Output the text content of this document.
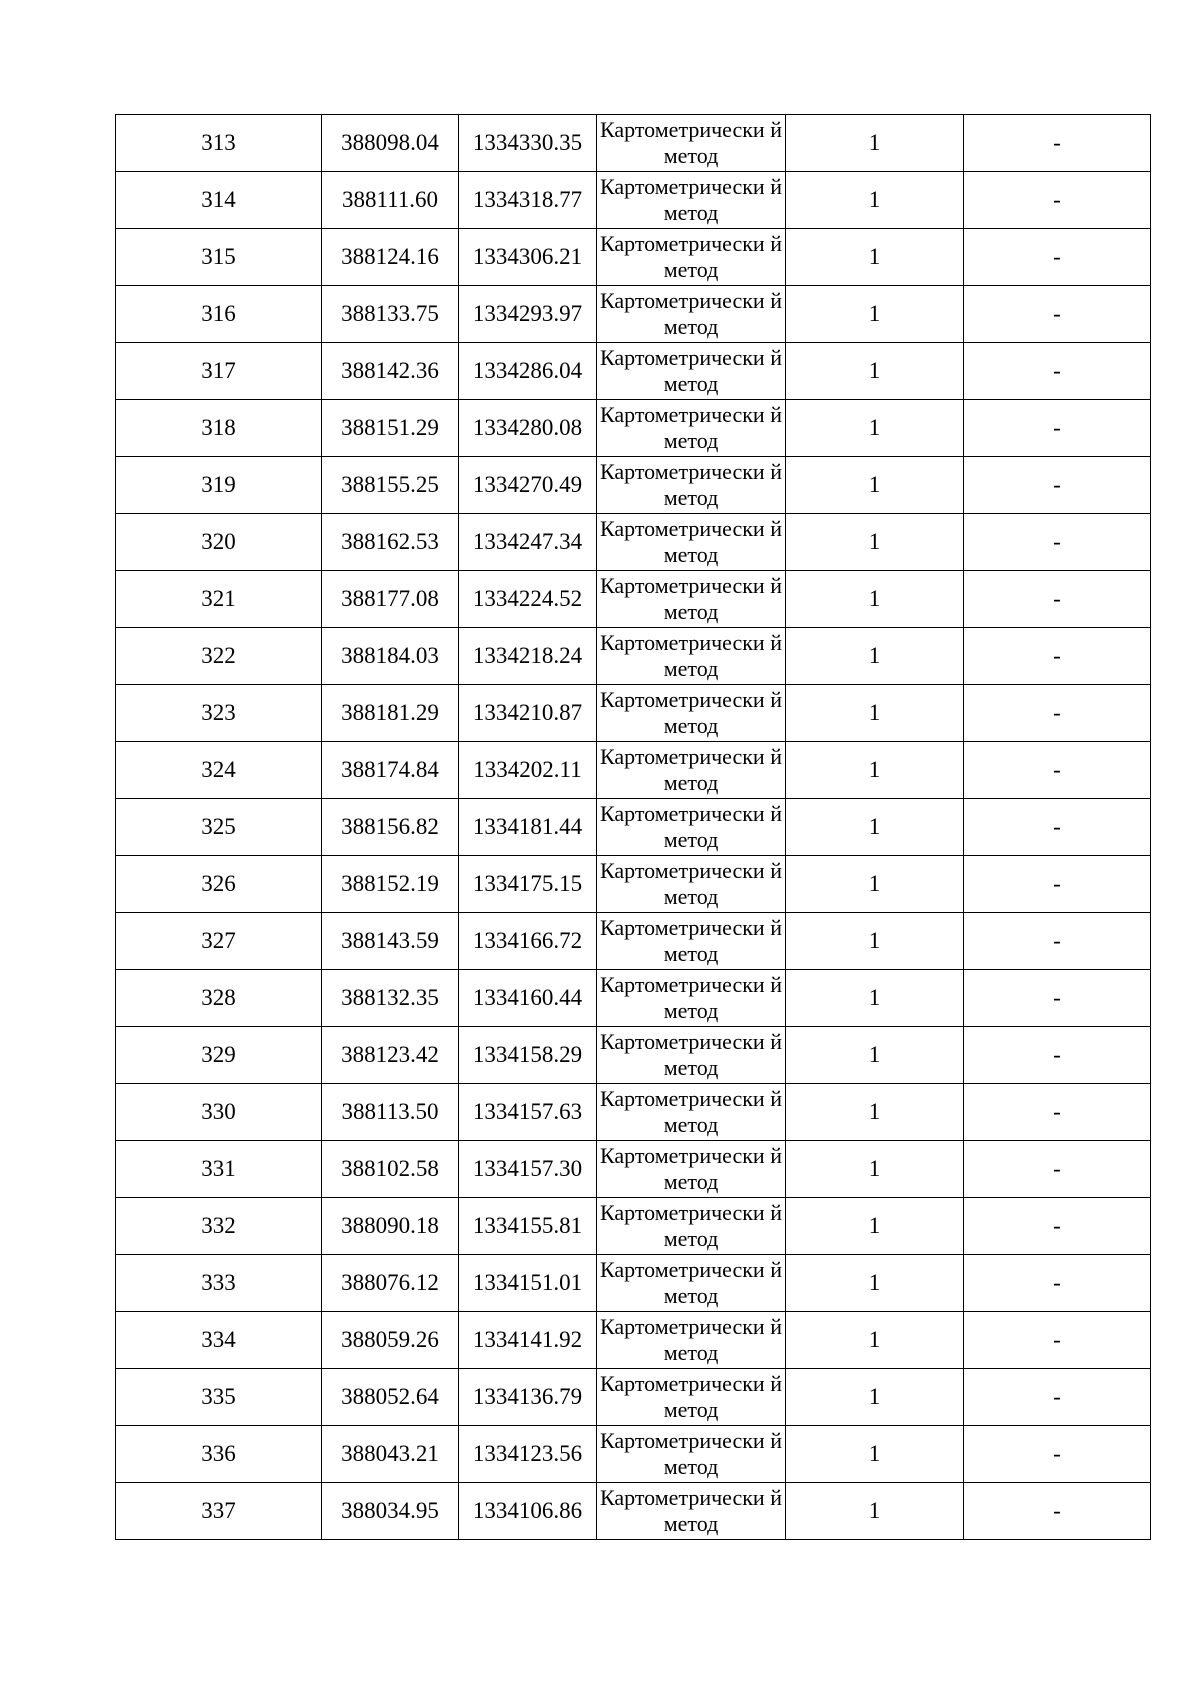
313	388098.04	1334330.35	Картометрически й метод	1	-
314	388111.60	1334318.77	Картометрически й метод	1	-
315	388124.16	1334306.21	Картометрически й метод	1	-
316	388133.75	1334293.97	Картометрически й метод	1	-
317	388142.36	1334286.04	Картометрически й метод	1	-
318	388151.29	1334280.08	Картометрически й метод	1	-
319	388155.25	1334270.49	Картометрически й метод	1	-
320	388162.53	1334247.34	Картометрически й метод	1	-
321	388177.08	1334224.52	Картометрически й метод	1	-
322	388184.03	1334218.24	Картометрически й метод	1	-
323	388181.29	1334210.87	Картометрически й метод	1	-
324	388174.84	1334202.11	Картометрически й метод	1	-
325	388156.82	1334181.44	Картометрически й метод	1	-
326	388152.19	1334175.15	Картометрически й метод	1	-
327	388143.59	1334166.72	Картометрически й метод	1	-
328	388132.35	1334160.44	Картометрически й метод	1	-
329	388123.42	1334158.29	Картометрически й метод	1	-
330	388113.50	1334157.63	Картометрически й метод	1	-
331	388102.58	1334157.30	Картометрически й метод	1	-
332	388090.18	1334155.81	Картометрически й метод	1	-
333	388076.12	1334151.01	Картометрически й метод	1	-
334	388059.26	1334141.92	Картометрически й метод	1	-
335	388052.64	1334136.79	Картометрически й метод	1	-
336	388043.21	1334123.56	Картометрически й метод	1	-
337	388034.95	1334106.86	Картометрически й метод	1	-
